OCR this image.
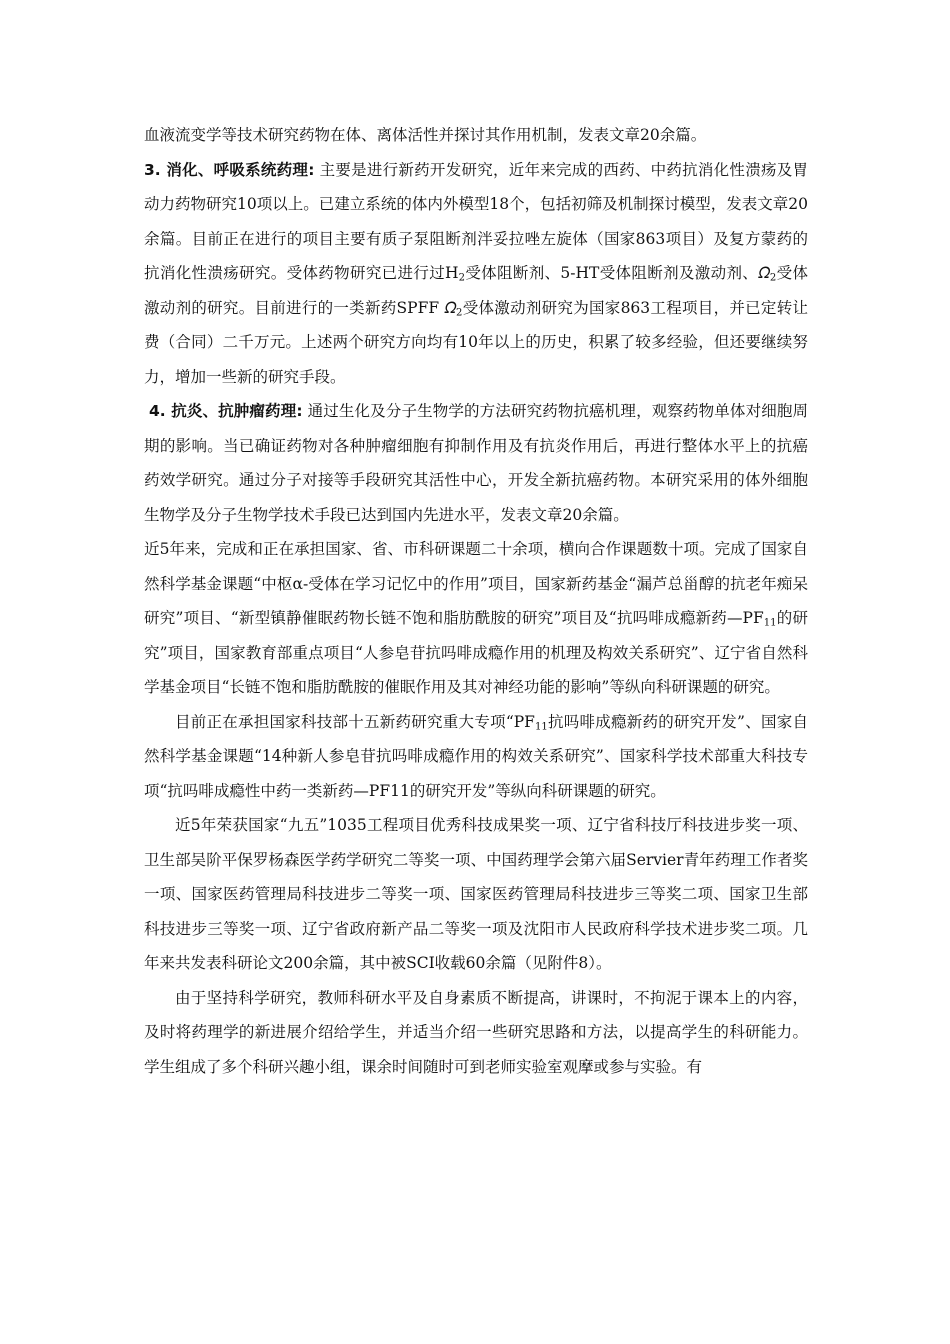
血液流变学等技术研究药物在体、离体活性并探讨其作用机制，发表文章20余篇。

3. 消化、呼吸系统药理: 主要是进行新药开发研究，近年来完成的西药、中药抗消化性溃疡及胃动力药物研究10项以上。已建立系统的体内外模型18个，包括初筛及机制探讨模型，发表文章20余篇。目前正在进行的项目主要有质子泵阻断剂泮妥拉唑左旋体（国家863项目）及复方蒙药的抗消化性溃疡研究。受体药物研究已进行过$H_2$受体阻断剂、5-HT受体阻断剂及激动剂、𝛺$_2$受体激动剂的研究。目前进行的一类新药SPFF 𝛺$_2$受体激动剂研究为国家863工程项目，并已定转让费（合同）二千万元。上述两个研究方向均有10年以上的历史，积累了较多经验，但还要继续努力，增加一些新的研究手段。

4. 抗炎、抗肿瘤药理: 通过生化及分子生物学的方法研究药物抗癌机理，观察药物单体对细胞周期的影响。当已确证药物对各种肿瘤细胞有抑制作用及有抗炎作用后，再进行整体水平上的抗癌药效学研究。通过分子对接等手段研究其活性中心，开发全新抗癌药物。本研究采用的体外细胞生物学及分子生物学技术手段已达到国内先进水平，发表文章20余篇。

近5年来，完成和正在承担国家、省、市科研课题二十余项，横向合作课题数十项。完成了国家自然科学基金课题“中枢α-受体在学习记忆中的作用”项目，国家新药基金“漏芦总甾醇的抗老年痴呆研究”项目、“新型镇静催眠药物长链不饱和脂肪酰胺的研究”项目及“抗吗啡成瘾新药$—PF_{11}$的研究”项目，国家教育部重点项目“人参皂苷抗吗啡成瘾作用的机理及构效关系研究”、辽宁省自然科学基金项目“长链不饱和脂肪酰胺的催眠作用及其对神经功能的影响”等纵向科研课题的研究。

目前正在承担国家科技部十五新药研究重大专项“$PF_{11}$抗吗啡成瘾新药的研究开发”、国家自然科学基金课题“14种新人参皂苷抗吗啡成瘾作用的构效关系研究”、国家科学技术部重大科技专项“抗吗啡成瘾性中药一类新药—PF11的研究开发”等纵向科研课题的研究。

近5年荣获国家“九五”1035工程项目优秀科技成果奖一项、辽宁省科技厅科技进步奖一项、卫生部吴阶平保罗杨森医学药学研究二等奖一项、中国药理学会第六届Servier青年药理工作者奖一项、国家医药管理局科技进步二等奖一项、国家医药管理局科技进步三等奖二项、国家卫生部科技进步三等奖一项、辽宁省政府新产品二等奖一项及沈阳市人民政府科学技术进步奖二项。几年来共发表科研论文200余篇，其中被SCI收载60余篇（见附件8）。

由于坚持科学研究，教师科研水平及自身素质不断提高，讲课时，不拘泥于课本上的内容，及时将药理学的新进展介绍给学生，并适当介绍一些研究思路和方法，以提高学生的科研能力。学生组成了多个科研兴趣小组，课余时间随时可到老师实验室观摩或参与实验。有
